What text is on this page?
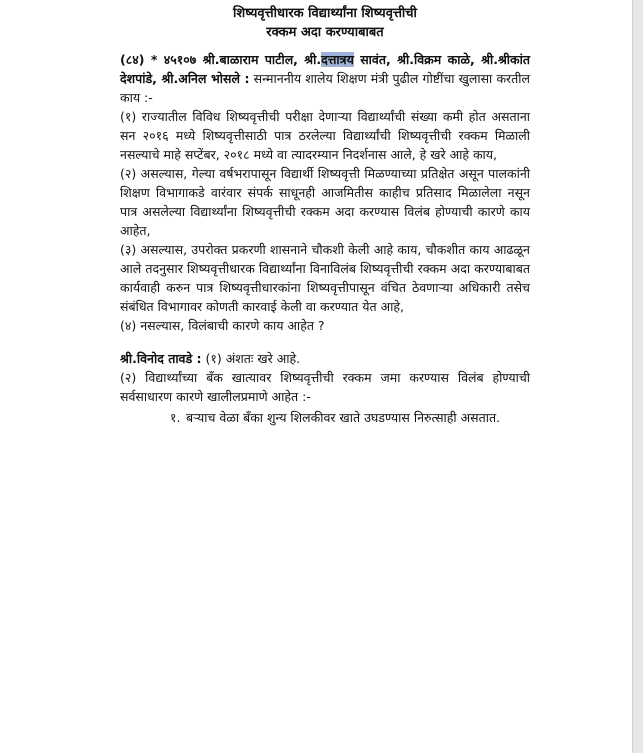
शिष्यवृत्तीधारक विद्यार्थ्यांना शिष्यवृत्तीची

रक्कम अदा करण्याबाबत

(८४) * ४५१०७ श्री.बाळाराम पाटील, श्री.दत्तात्रय सावंत, श्री.विक्रम काळे, श्री.श्रीकांत देशपांडे, श्री.अनिल भोसले : सन्माननीय शालेय शिक्षण मंत्री पुढील गोष्टींचा खुलासा करतील काय :-

(१) राज्यातील विविध शिष्यवृत्तीची परीक्षा देणाऱ्या विद्यार्थ्यांची संख्या कमी होत असताना सन २०१६ मध्ये शिष्यवृत्तीसाठी पात्र ठरलेल्या विद्यार्थ्यांची शिष्यवृत्तीची रक्कम मिळाली नसल्याचे माहे सप्टेंबर, २०१८ मध्ये वा त्यादरम्यान निदर्शनास आले, हे खरे आहे काय,

(२) असल्यास, गेल्या वर्षभरापासून विद्यार्थी शिष्यवृत्ती मिळण्याच्या प्रतिक्षेत असून पालकांनी शिक्षण विभागाकडे वारंवार संपर्क साधूनही आजमितीस काहीच प्रतिसाद मिळालेला नसून पात्र असलेल्या विद्यार्थ्यांना शिष्यवृत्तीची रक्कम अदा करण्यास विलंब होण्याची कारणे काय आहेत,

(३) असल्यास, उपरोक्त प्रकरणी शासनाने चौकशी केली आहे काय, चौकशीत काय आढळून आले तदनुसार शिष्यवृत्तीधारक विद्यार्थ्यांना विनाविलंब शिष्यवृत्तीची रक्कम अदा करण्याबाबत कार्यवाही करुन पात्र शिष्यवृत्तीधारकांना शिष्यवृत्तीपासून वंचित ठेवणाऱ्या अधिकारी तसेच संबंधित विभागावर कोणती कारवाई केली वा करण्यात येत आहे,

(४) नसल्यास, विलंबाची कारणे काय आहेत ?

श्री.विनोद तावडे : (१) अंशतः खरे आहे.

(२) विद्यार्थ्यांच्या बँक खात्यावर शिष्यवृत्तीची रक्कम जमा करण्यास विलंब होण्याची सर्वसाधारण कारणे खालीलप्रमाणे आहेत :-

१. बऱ्याच वेळा बँका शुन्य शिलकीवर खाते उघडण्यास निरुत्साही असतात.
